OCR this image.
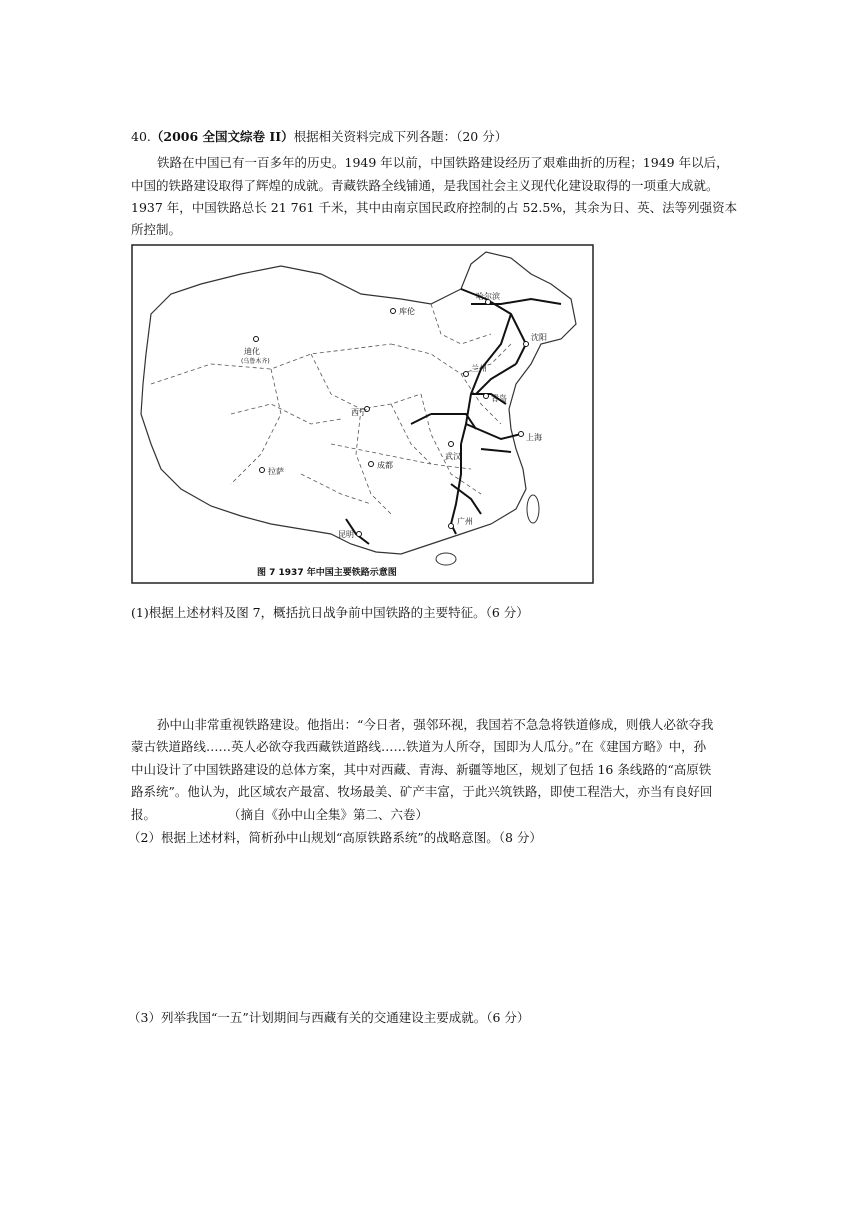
40.（2006 全国文综卷 II）根据相关资料完成下列各题：（20 分）
铁路在中国已有一百多年的历史。1949 年以前，中国铁路建设经历了艰难曲折的历程；1949 年以后，
中国的铁路建设取得了辉煌的成就。青藏铁路全线铺通，是我国社会主义现代化建设取得的一项重大成就。
1937 年，中国铁路总长 21 761 千米，其中由南京国民政府控制的占 52.5%，其余为日、英、法等列强资本
所控制。
库伦
迪化
(乌鲁木齐)
西宁
拉萨
成都
昆明
武汉
上海
青岛
沈阳
哈尔滨
广州
兰州
图 7 1937 年中国主要铁路示意图
(1)根据上述材料及图 7，概括抗日战争前中国铁路的主要特征。（6 分）
孙中山非常重视铁路建设。他指出：“今日者，强邻环视，我国若不急急将铁道修成，则俄人必欲夺我
蒙古铁道路线……英人必欲夺我西藏铁道路线……铁道为人所夺，国即为人瓜分。”在《建国方略》中，孙
中山设计了中国铁路建设的总体方案，其中对西藏、青海、新疆等地区，规划了包括 16 条线路的“高原铁
路系统”。他认为，此区域农产最富、牧场最美、矿产丰富，于此兴筑铁路，即使工程浩大，亦当有良好回
报。	（摘自《孙中山全集》第二、六卷）
（2）根据上述材料，简析孙中山规划“高原铁路系统”的战略意图。（8 分）
（3）列举我国“一五”计划期间与西藏有关的交通建设主要成就。（6 分）
